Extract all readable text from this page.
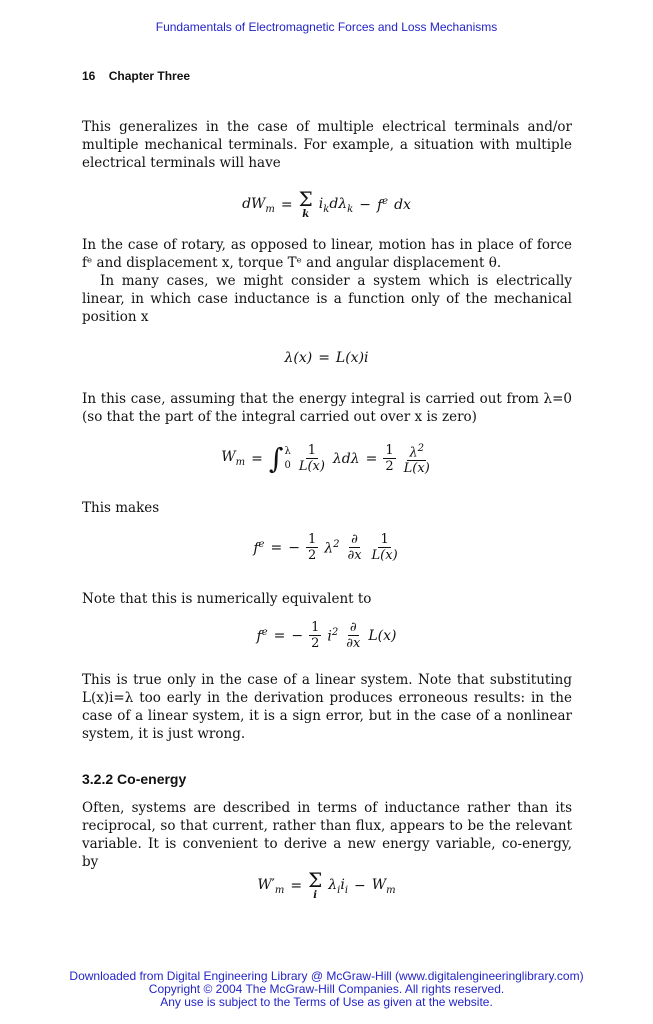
Fundamentals of Electromagnetic Forces and Loss Mechanisms
16 Chapter Three
This generalizes in the case of multiple electrical terminals and/or multiple mechanical terminals. For example, a situation with multiple electrical terminals will have
$dW_m = \Sigma$
k
$i_kd\lambda_k - f^e$ dx
In the case of rotary, as opposed to linear, motion has in place of force fᵉ and displacement x, torque Tᵉ and angular displacement θ.
In many cases, we might consider a system which is electrically linear, in which case inductance is a function only of the mechanical position x
λ(x) = L(x)i
In this case, assuming that the energy integral is carried out from λ=0 (so that the part of the integral carried out over x is zero)
$W_m$ = ∫ λ
$0 \frac{1}{L(x)}$ $\lambda d\lambda = \frac{1}{2} \frac{\lambda^2}{L(x)}$
This makes
$f^e$ = − $\frac{1}{2} \lambda^2 \frac{\partial}{\partial x} \frac{1}{L(x)}$
Note that this is numerically equivalent to
$f^e$ = − $\frac{1}{2} i^2 \frac{\partial}{\partial x} L(x)$
This is true only in the case of a linear system. Note that substituting L(x)i=λ too early in the derivation produces erroneous results: in the case of a linear system, it is a sign error, but in the case of a nonlinear system, it is just wrong.
3.2.2 Co-energy
Often, systems are described in terms of inductance rather than its reciprocal, so that current, rather than flux, appears to be the relevant variable. It is convenient to derive a new energy variable, co-energy, by
$W'_m = \Sigma$
i
$\lambda_ii_i - W_m$
Downloaded from Digital Engineering Library @ McGraw-Hill (www.digitalengineeringlibrary.com)
Copyright © 2004 The McGraw-Hill Companies. All rights reserved.
Any use is subject to the Terms of Use as given at the website.
